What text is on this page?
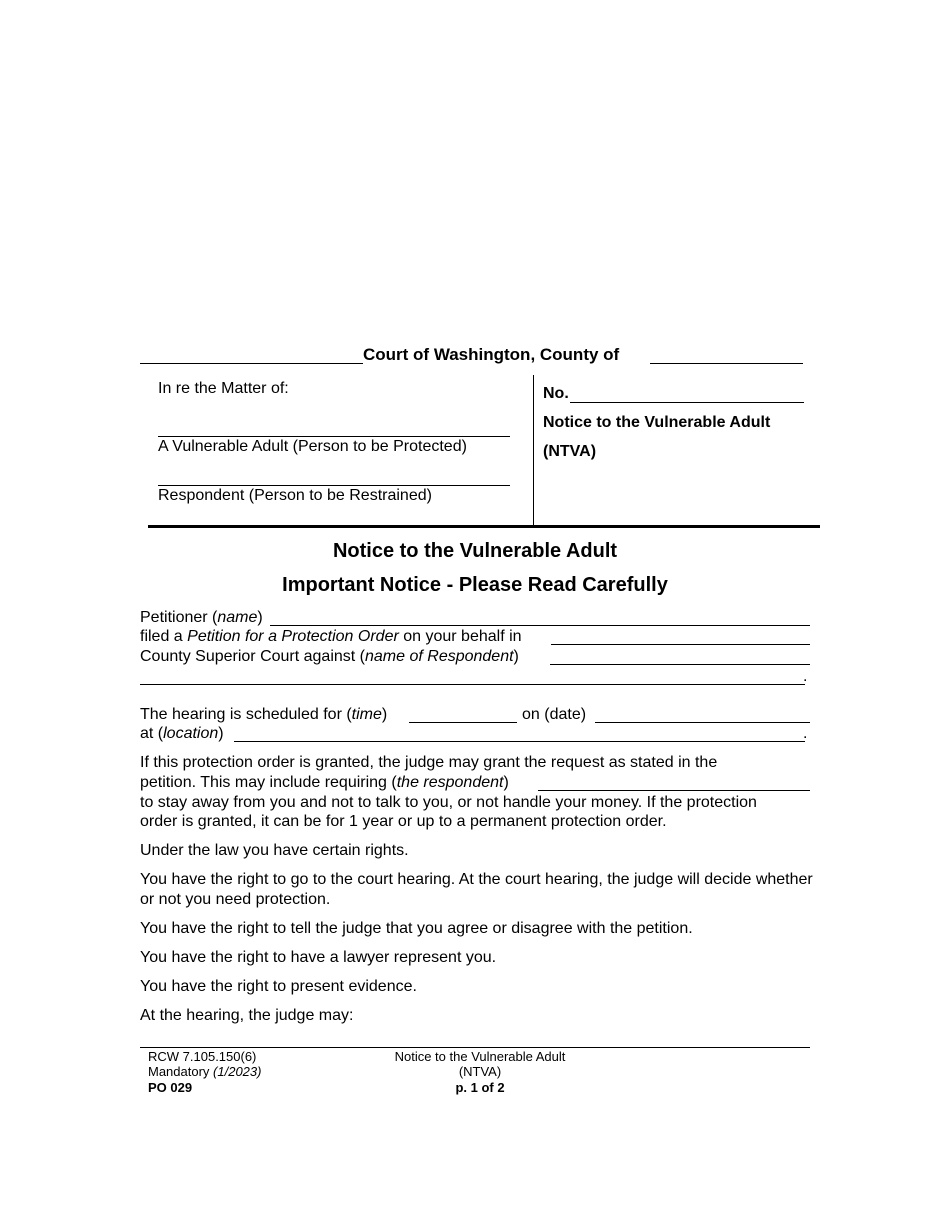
Court of Washington, County of
In re the Matter of:
A Vulnerable Adult (Person to be Protected)
Respondent (Person to be Restrained)
No.
Notice to the Vulnerable Adult
(NTVA)
Notice to the Vulnerable Adult
Important Notice - Please Read Carefully
Petitioner (name)
filed a Petition for a Protection Order on your behalf in
County Superior Court against (name of Respondent)
.
The hearing is scheduled for (time)	on (date)
at (location)	.
If this protection order is granted, the judge may grant the request as stated in the
petition. This may include requiring (the respondent)
to stay away from you and not to talk to you, or not handle your money. If the protection
order is granted, it can be for 1 year or up to a permanent protection order.
Under the law you have certain rights.
You have the right to go to the court hearing. At the court hearing, the judge will decide whether or not you need protection.
You have the right to tell the judge that you agree or disagree with the petition.
You have the right to have a lawyer represent you.
You have the right to present evidence.
At the hearing, the judge may:
RCW 7.105.150(6)
Mandatory (1/2023)
PO 029
Notice to the Vulnerable Adult
(NTVA)
p. 1 of 2
